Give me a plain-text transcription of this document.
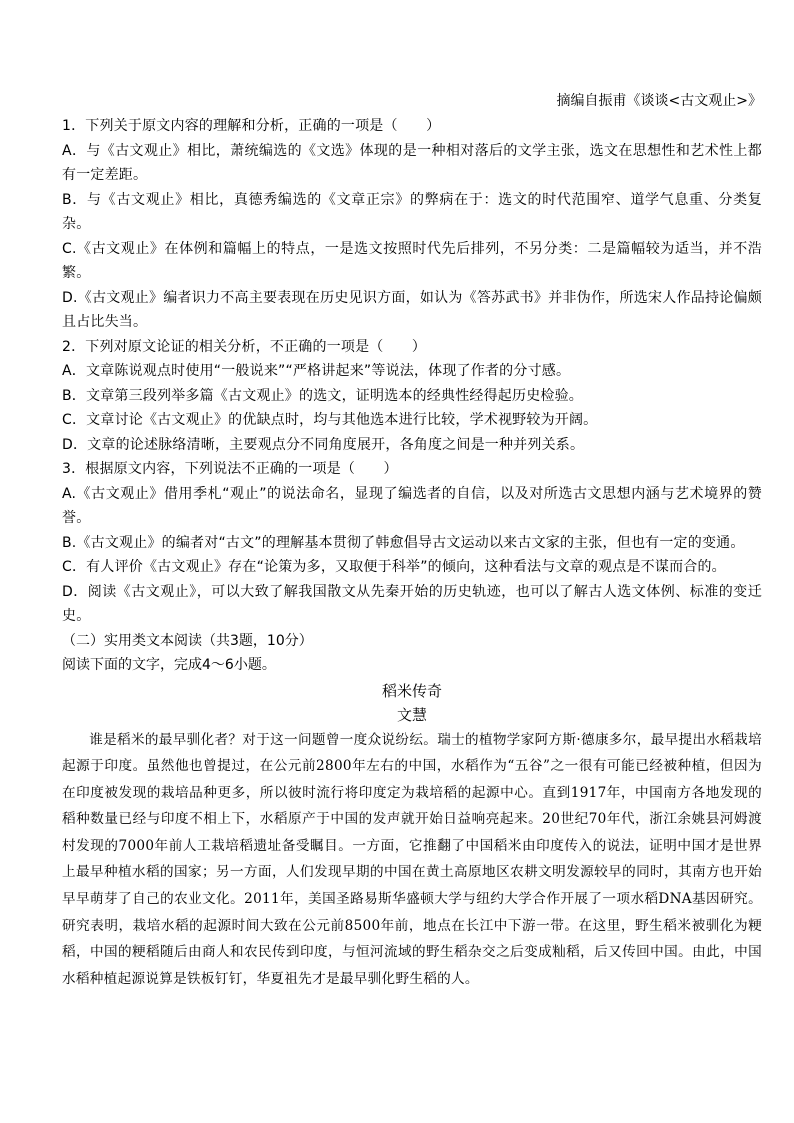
摘编自振甫《谈谈<古文观止>》

1．下列关于原文内容的理解和分析，正确的一项是（　　）

A．与《古文观止》相比，萧统编选的《文选》体现的是一种相对落后的文学主张，选文在思想性和艺术性上都有一定差距。

B．与《古文观止》相比，真德秀编选的《文章正宗》的弊病在于：选文的时代范围窄、道学气息重、分类复杂。

C.《古文观止》在体例和篇幅上的特点，一是选文按照时代先后排列，不另分类：二是篇幅较为适当，并不浩繁。

D.《古文观止》编者识力不高主要表现在历史见识方面，如认为《答苏武书》并非伪作，所选宋人作品持论偏颇且占比失当。

2．下列对原文论证的相关分析，不正确的一项是（　　）

A．文章陈说观点时使用“一般说来”“严格讲起来”等说法，体现了作者的分寸感。

B．文章第三段列举多篇《古文观止》的选文，证明选本的经典性经得起历史检验。

C．文章讨论《古文观止》的优缺点时，均与其他选本进行比较，学术视野较为开阔。

D．文章的论述脉络清晰，主要观点分不同角度展开，各角度之间是一种并列关系。

3．根据原文内容，下列说法不正确的一项是（　　）

A.《古文观止》借用季札“观止”的说法命名，显现了编选者的自信，以及对所选古文思想内涵与艺术境界的赞誉。

B.《古文观止》的编者对“古文”的理解基本贯彻了韩愈倡导古文运动以来古文家的主张，但也有一定的变通。

C．有人评价《古文观止》存在“论策为多，又取便于科举”的倾向，这种看法与文章的观点是不谋而合的。

D．阅读《古文观止》，可以大致了解我国散文从先秦开始的历史轨迹，也可以了解古人选文体例、标准的变迁史。

（二）实用类文本阅读（共3题，10分）
阅读下面的文字，完成4～6小题。
稻米传奇
文慧

谁是稻米的最早驯化者？对于这一问题曾一度众说纷纭。瑞士的植物学家阿方斯·德康多尔，最早提出水稻栽培起源于印度。虽然他也曾提过，在公元前2800年左右的中国，水稻作为“五谷”之一很有可能已经被种植，但因为在印度被发现的栽培品种更多，所以彼时流行将印度定为栽培稻的起源中心。直到1917年，中国南方各地发现的稻种数量已经与印度不相上下，水稻原产于中国的发声就开始日益响亮起来。20世纪70年代，浙江余姚县河姆渡村发现的7000年前人工栽培稻遗址备受瞩目。一方面，它推翻了中国稻米由印度传入的说法，证明中国才是世界上最早种植水稻的国家；另一方面，人们发现早期的中国在黄土高原地区农耕文明发源较早的同时，其南方也开始早早萌芽了自己的农业文化。2011年，美国圣路易斯华盛顿大学与纽约大学合作开展了一项水稻DNA基因研究。研究表明，栽培水稻的起源时间大致在公元前8500年前，地点在长江中下游一带。在这里，野生稻米被驯化为粳稻，中国的粳稻随后由商人和农民传到印度，与恒河流域的野生稻杂交之后变成籼稻，后又传回中国。由此，中国水稻种植起源说算是铁板钉钉，华夏祖先才是最早驯化野生稻的人。
